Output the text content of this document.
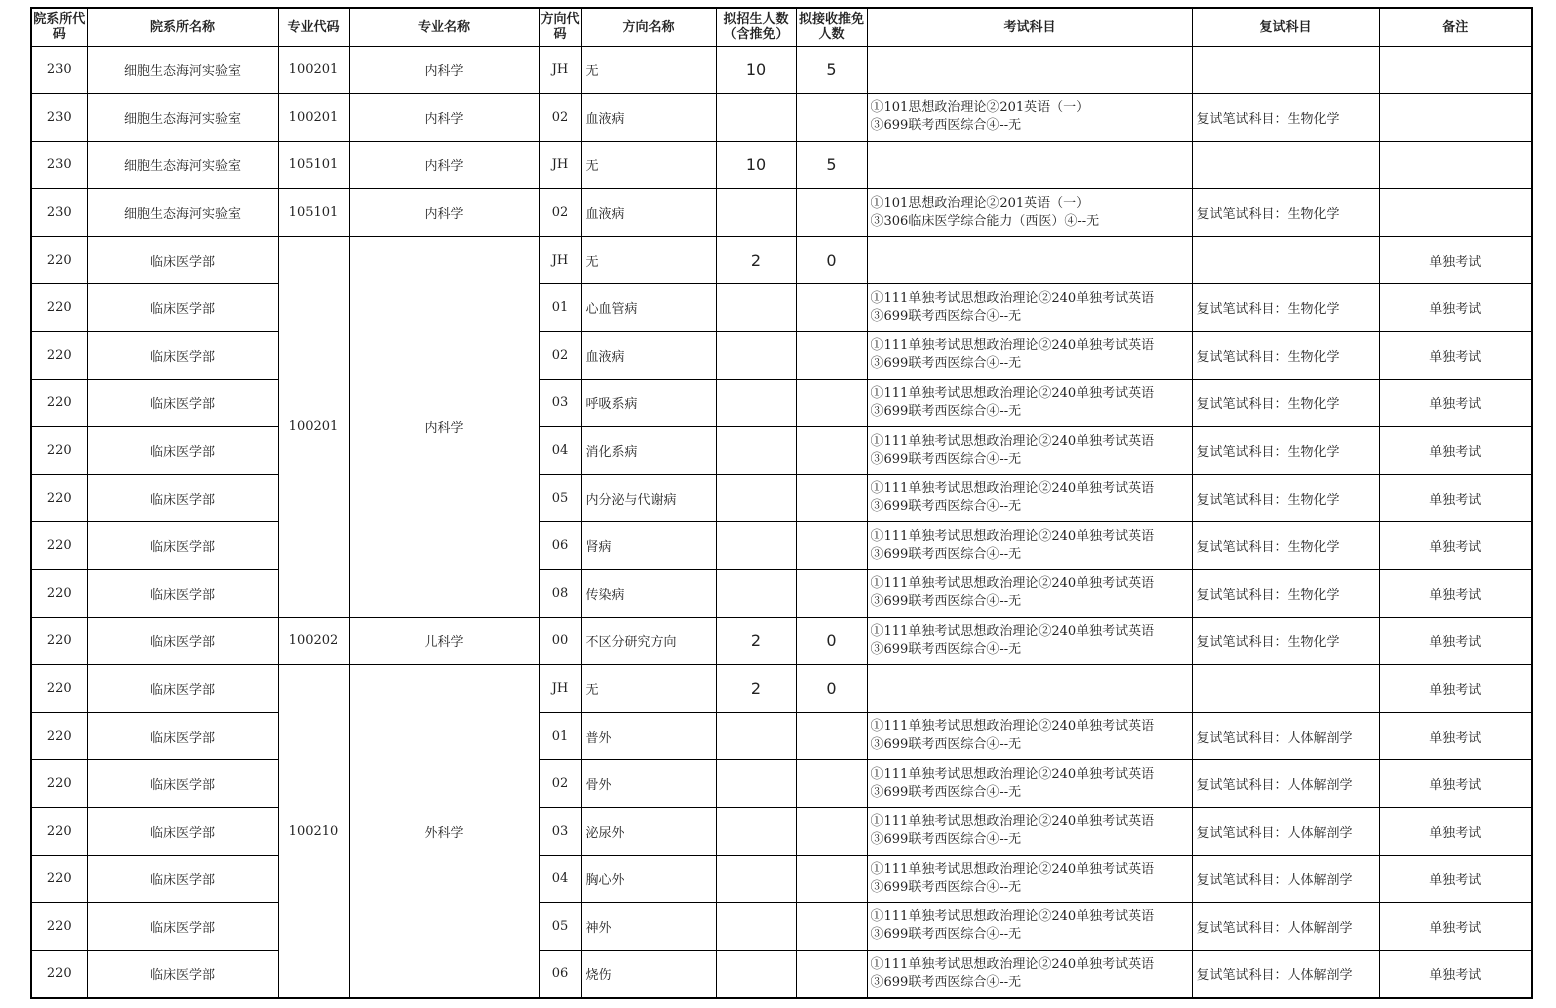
院系所代码	院系所名称	专业代码	专业名称	方向代码	方向名称	拟招生人数（含推免）	拟接收推免人数	考试科目	复试科目	备注
230	细胞生态海河实验室	100201	内科学	JH	无	10	5	

230	细胞生态海河实验室	100201	内科学	02	血液病			①101思想政治理论②201英语（一）
③699联考西医综合④--无	复试笔试科目：生物化学	
230	细胞生态海河实验室	105101	内科学	JH	无	10	5	

230	细胞生态海河实验室	105101	内科学	02	血液病			①101思想政治理论②201英语（一）
③306临床医学综合能力（西医）④--无	复试笔试科目：生物化学	
220	临床医学部	100201	内科学	JH	无	2	0			单独考试
220	临床医学部			01	心血管病			①111单独考试思想政治理论②240单独考试英语
③699联考西医综合④--无	复试笔试科目：生物化学	单独考试
220	临床医学部			02	血液病			①111单独考试思想政治理论②240单独考试英语
③699联考西医综合④--无	复试笔试科目：生物化学	单独考试
220	临床医学部			03	呼吸系病			①111单独考试思想政治理论②240单独考试英语
③699联考西医综合④--无	复试笔试科目：生物化学	单独考试
220	临床医学部			04	消化系病			①111单独考试思想政治理论②240单独考试英语
③699联考西医综合④--无	复试笔试科目：生物化学	单独考试
220	临床医学部			05	内分泌与代谢病			①111单独考试思想政治理论②240单独考试英语
③699联考西医综合④--无	复试笔试科目：生物化学	单独考试
220	临床医学部			06	肾病			①111单独考试思想政治理论②240单独考试英语
③699联考西医综合④--无	复试笔试科目：生物化学	单独考试
220	临床医学部			08	传染病			①111单独考试思想政治理论②240单独考试英语
③699联考西医综合④--无	复试笔试科目：生物化学	单独考试
220	临床医学部	100202	儿科学	00	不区分研究方向	2	0	①111单独考试思想政治理论②240单独考试英语
③699联考西医综合④--无	复试笔试科目：生物化学	单独考试
220	临床医学部	100210	外科学	JH	无	2	0			单独考试
220	临床医学部			01	普外			①111单独考试思想政治理论②240单独考试英语
③699联考西医综合④--无	复试笔试科目：人体解剖学	单独考试
220	临床医学部			02	骨外			①111单独考试思想政治理论②240单独考试英语
③699联考西医综合④--无	复试笔试科目：人体解剖学	单独考试
220	临床医学部			03	泌尿外			①111单独考试思想政治理论②240单独考试英语
③699联考西医综合④--无	复试笔试科目：人体解剖学	单独考试
220	临床医学部			04	胸心外			①111单独考试思想政治理论②240单独考试英语
③699联考西医综合④--无	复试笔试科目：人体解剖学	单独考试
220	临床医学部			05	神外			①111单独考试思想政治理论②240单独考试英语
③699联考西医综合④--无	复试笔试科目：人体解剖学	单独考试
220	临床医学部			06	烧伤			①111单独考试思想政治理论②240单独考试英语
③699联考西医综合④--无	复试笔试科目：人体解剖学	单独考试
